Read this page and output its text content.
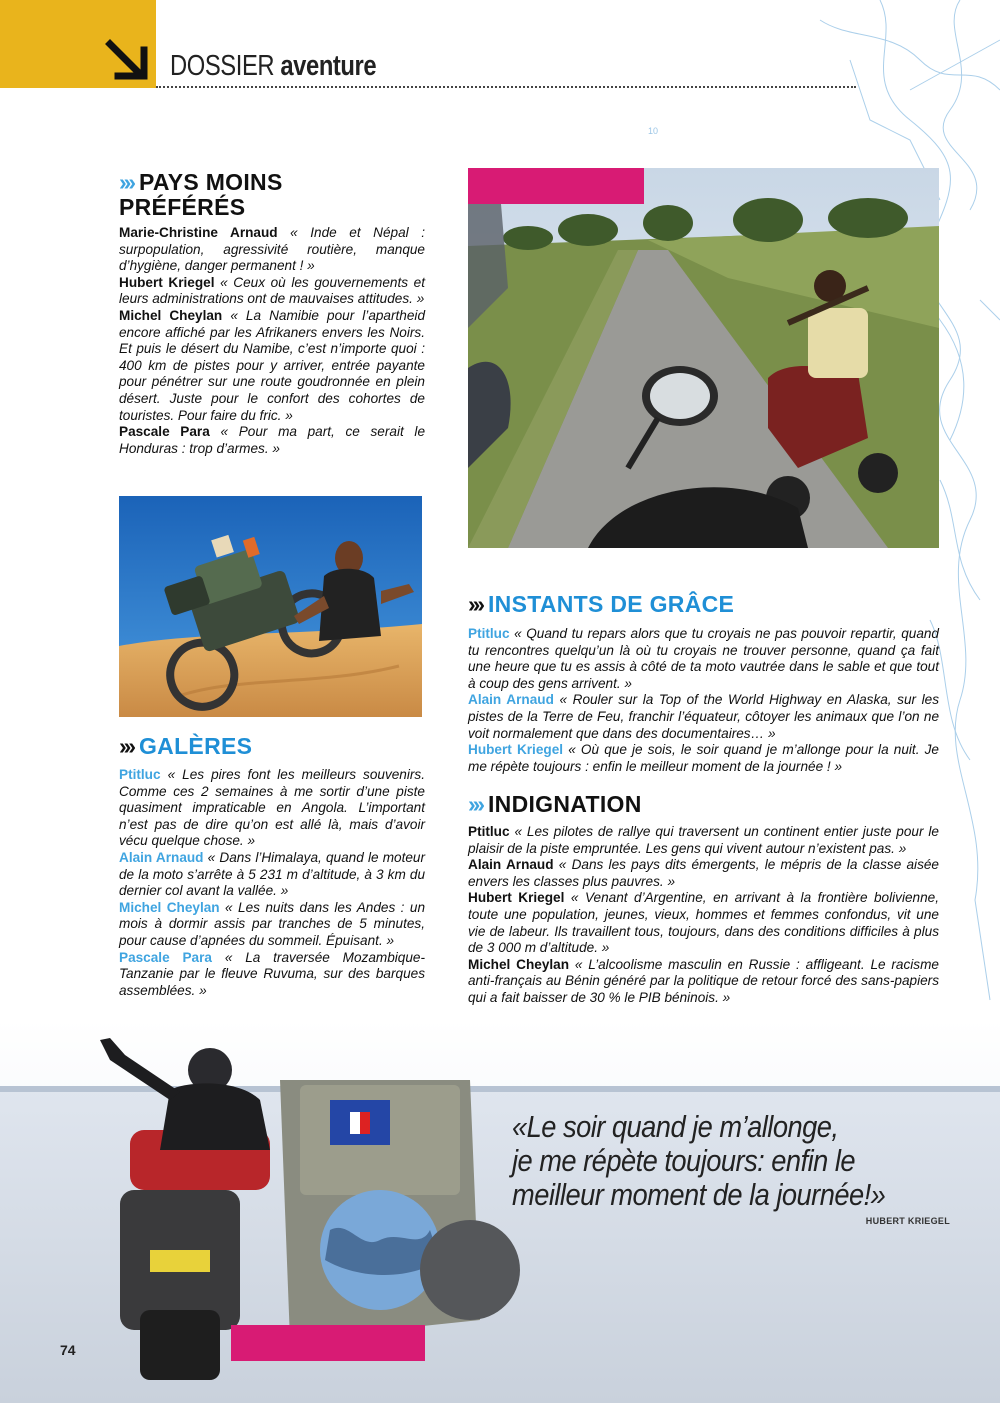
DOSSIER aventure
10
››› PAYS MOINS
PRÉFÉRÉS

Marie-Christine Arnaud « Inde et Népal : surpopulation, agressivité routière, manque d’hygiène, danger permanent ! »

Hubert Kriegel « Ceux où les gouvernements et leurs administrations ont de mauvaises attitudes. »

Michel Cheylan « La Namibie pour l’apartheid encore affiché par les Afrikaners envers les Noirs. Et puis le désert du Namibe, c’est n’importe quoi : 400 km de pistes pour y arriver, entrée payante pour pénétrer sur une route goudronnée en plein désert. Juste pour le confort des cohortes de touristes. Pour faire du fric. »

Pascale Para « Pour ma part, ce serait le Honduras : trop d’armes. »

››› GALÈRES

Ptitluc « Les pires font les meilleurs souvenirs. Comme ces 2 semaines à me sortir d’une piste quasiment impraticable en Angola. L’important n’est pas de dire qu’on est allé là, mais d’avoir vécu quelque chose. »

Alain Arnaud « Dans l’Himalaya, quand le moteur de la moto s’arrête à 5 231 m d’altitude, à 3 km du dernier col avant la vallée. »

Michel Cheylan « Les nuits dans les Andes : un mois à dormir assis par tranches de 5 minutes, pour cause d’apnées du sommeil. Épuisant. »

Pascale Para « La traversée Mozambique-Tanzanie par le fleuve Ruvuma, sur des barques assemblées. »

››› INSTANTS DE GRÂCE

Ptitluc « Quand tu repars alors que tu croyais ne pas pouvoir repartir, quand tu rencontres quelqu’un là où tu croyais ne trouver personne, quand ça fait une heure que tu es assis à côté de ta moto vautrée dans le sable et que tout à coup des gens arrivent. »

Alain Arnaud « Rouler sur la Top of the World Highway en Alaska, sur les pistes de la Terre de Feu, franchir l’équateur, côtoyer les animaux que l’on ne voit normalement que dans des documentaires… »

Hubert Kriegel « Où que je sois, le soir quand je m’allonge pour la nuit. Je me répète toujours : enfin le meilleur moment de la journée ! »

››› INDIGNATION

Ptitluc « Les pilotes de rallye qui traversent un continent entier juste pour le plaisir de la piste empruntée. Les gens qui vivent autour n’existent pas. »

Alain Arnaud « Dans les pays dits émergents, le mépris de la classe aisée envers les classes plus pauvres. »

Hubert Kriegel « Venant d’Argentine, en arrivant à la frontière bolivienne, toute une population, jeunes, vieux, hommes et femmes confondus, vit une vie de labeur. Ils travaillent tous, toujours, dans des conditions difficiles à plus de 3 000 m d’altitude. »

Michel Cheylan « L’alcoolisme masculin en Russie : affligeant. Le racisme anti-français au Bénin généré par la politique de retour forcé des sans-papiers qui a fait baisser de 30 % le PIB béninois. »

«Le soir quand je m’allonge,
je me répète toujours: enfin le
meilleur moment de la journée!»
HUBERT KRIEGEL
74
